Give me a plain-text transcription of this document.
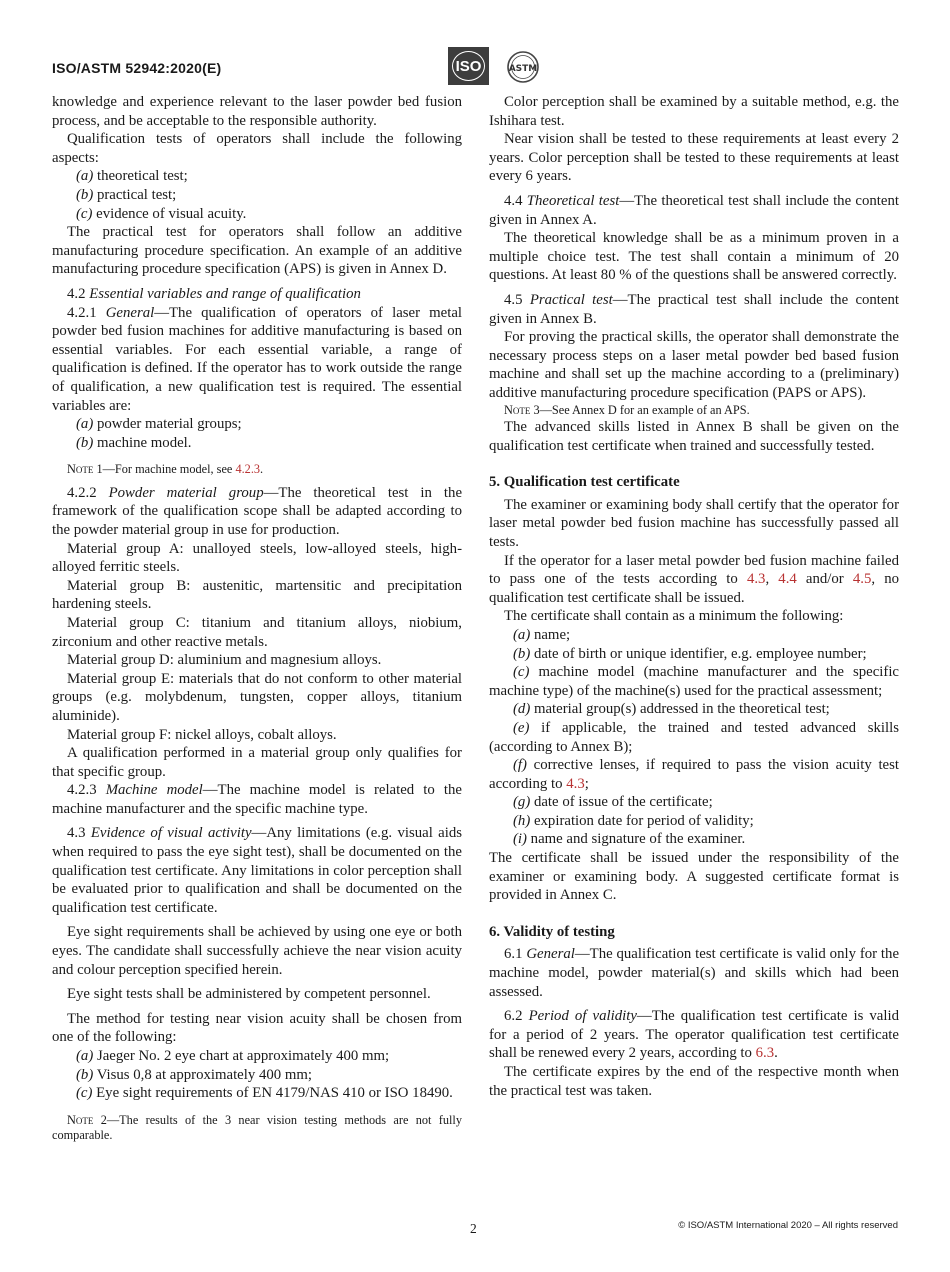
ISO/ASTM 52942:2020(E)	ISO	ASTM

knowledge and experience relevant to the laser powder bed fusion process, and be acceptable to the responsible authority.

Qualification tests of operators shall include the following aspects:

(a) theoretical test;

(b) practical test;

(c) evidence of visual acuity.

The practical test for operators shall follow an additive manufacturing procedure specification. An example of an additive manufacturing procedure specification (APS) is given in Annex D.

4.2 Essential variables and range of qualification

4.2.1 General—The qualification of operators of laser metal powder bed fusion machines for additive manufacturing is based on essential variables. For each essential variable, a range of qualification is defined. If the operator has to work outside the range of qualification, a new qualification test is required. The essential variables are:

(a) powder material groups;

(b) machine model.

Note 1—For machine model, see 4.2.3.

4.2.2 Powder material group—The theoretical test in the framework of the qualification scope shall be adapted according to the powder material group in use for production.

Material group A: unalloyed steels, low-alloyed steels, high-alloyed ferritic steels.

Material group B: austenitic, martensitic and precipitation hardening steels.

Material group C: titanium and titanium alloys, niobium, zirconium and other reactive metals.

Material group D: aluminium and magnesium alloys.

Material group E: materials that do not conform to other material groups (e.g. molybdenum, tungsten, copper alloys, titanium aluminide).

Material group F: nickel alloys, cobalt alloys.

A qualification performed in a material group only qualifies for that specific group.

4.2.3 Machine model—The machine model is related to the machine manufacturer and the specific machine type.

4.3 Evidence of visual activity—Any limitations (e.g. visual aids when required to pass the eye sight test), shall be documented on the qualification test certificate. Any limitations in color perception shall be evaluated prior to qualification and shall be documented on the qualification test certificate.

Eye sight requirements shall be achieved by using one eye or both eyes. The candidate shall successfully achieve the near vision acuity and colour perception specified herein.

Eye sight tests shall be administered by competent personnel.

The method for testing near vision acuity shall be chosen from one of the following:

(a) Jaeger No. 2 eye chart at approximately 400 mm;

(b) Visus 0,8 at approximately 400 mm;

(c) Eye sight requirements of EN 4179/NAS 410 or ISO 18490.

Note 2—The results of the 3 near vision testing methods are not fully comparable.

Color perception shall be examined by a suitable method, e.g. the Ishihara test.

Near vision shall be tested to these requirements at least every 2 years. Color perception shall be tested to these requirements at least every 6 years.

4.4 Theoretical test—The theoretical test shall include the content given in Annex A.

The theoretical knowledge shall be as a minimum proven in a multiple choice test. The test shall contain a minimum of 20 questions. At least 80 % of the questions shall be answered correctly.

4.5 Practical test—The practical test shall include the content given in Annex B.

For proving the practical skills, the operator shall demonstrate the necessary process steps on a laser metal powder bed based fusion machine and shall set up the machine according to a (preliminary) additive manufacturing procedure specification (PAPS or APS).

Note 3—See Annex D for an example of an APS.

The advanced skills listed in Annex B shall be given on the qualification test certificate when trained and successfully tested.

5. Qualification test certificate

The examiner or examining body shall certify that the operator for laser metal powder bed fusion machine has successfully passed all tests.

If the operator for a laser metal powder bed fusion machine failed to pass one of the tests according to 4.3, 4.4 and/or 4.5, no qualification test certificate shall be issued.

The certificate shall contain as a minimum the following:

(a) name;

(b) date of birth or unique identifier, e.g. employee number;

(c) machine model (machine manufacturer and the specific machine type) of the machine(s) used for the practical assessment;

(d) material group(s) addressed in the theoretical test;

(e) if applicable, the trained and tested advanced skills (according to Annex B);

(f) corrective lenses, if required to pass the vision acuity test according to 4.3;

(g) date of issue of the certificate;

(h) expiration date for period of validity;

(i) name and signature of the examiner.

The certificate shall be issued under the responsibility of the examiner or examining body. A suggested certificate format is provided in Annex C.

6. Validity of testing

6.1 General—The qualification test certificate is valid only for the machine model, powder material(s) and skills which had been assessed.

6.2 Period of validity—The qualification test certificate is valid for a period of 2 years. The operator qualification test certificate shall be renewed every 2 years, according to 6.3.

The certificate expires by the end of the respective month when the practical test was taken.

2	© ISO/ASTM International 2020 – All rights reserved
